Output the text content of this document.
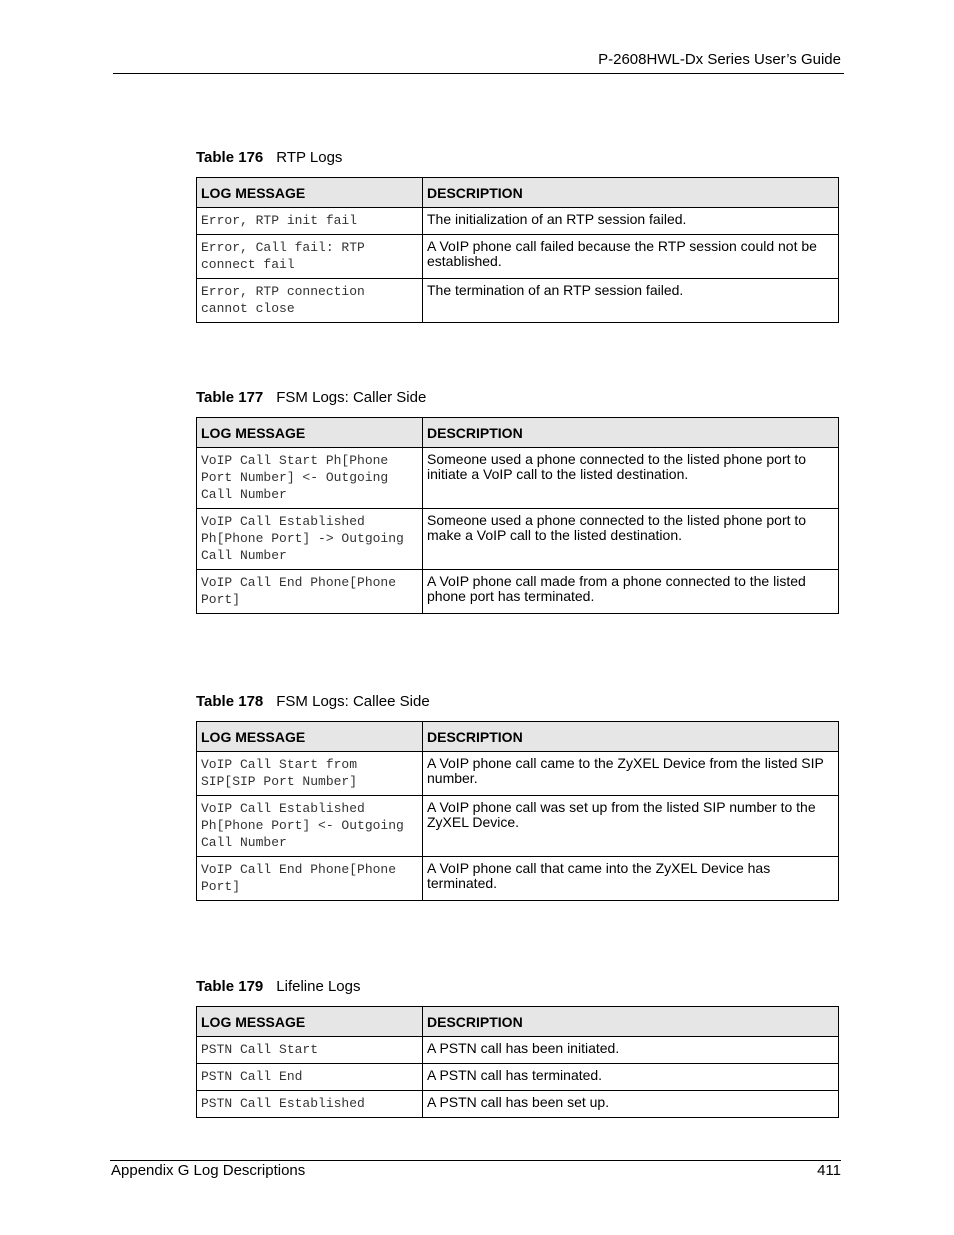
P-2608HWL-Dx Series User’s Guide
Table 176 RTP Logs
LOG MESSAGE	DESCRIPTION

Error, RTP init fail	The initialization of an RTP session failed.

Error, Call fail: RTP
connect fail	A VoIP phone call failed because the RTP session could not be established.

Error, RTP connection
cannot close	The termination of an RTP session failed.
Table 177 FSM Logs: Caller Side
LOG MESSAGE	DESCRIPTION

VoIP Call Start Ph[Phone
Port Number] <- Outgoing
Call Number	Someone used a phone connected to the listed phone port to initiate a VoIP call to the listed destination.

VoIP Call Established
Ph[Phone Port] -> Outgoing
Call Number	Someone used a phone connected to the listed phone port to make a VoIP call to the listed destination.

VoIP Call End Phone[Phone
Port]	A VoIP phone call made from a phone connected to the listed phone port has terminated.
Table 178 FSM Logs: Callee Side
LOG MESSAGE	DESCRIPTION

VoIP Call Start from
SIP[SIP Port Number]	A VoIP phone call came to the ZyXEL Device from the listed SIP number.

VoIP Call Established
Ph[Phone Port] <- Outgoing
Call Number	A VoIP phone call was set up from the listed SIP number to the ZyXEL Device.

VoIP Call End Phone[Phone
Port]	A VoIP phone call that came into the ZyXEL Device has terminated.
Table 179 Lifeline Logs
LOG MESSAGE	DESCRIPTION

PSTN Call Start	A PSTN call has been initiated.

PSTN Call End	A PSTN call has terminated.

PSTN Call Established	A PSTN call has been set up.
Appendix G Log Descriptions	411
